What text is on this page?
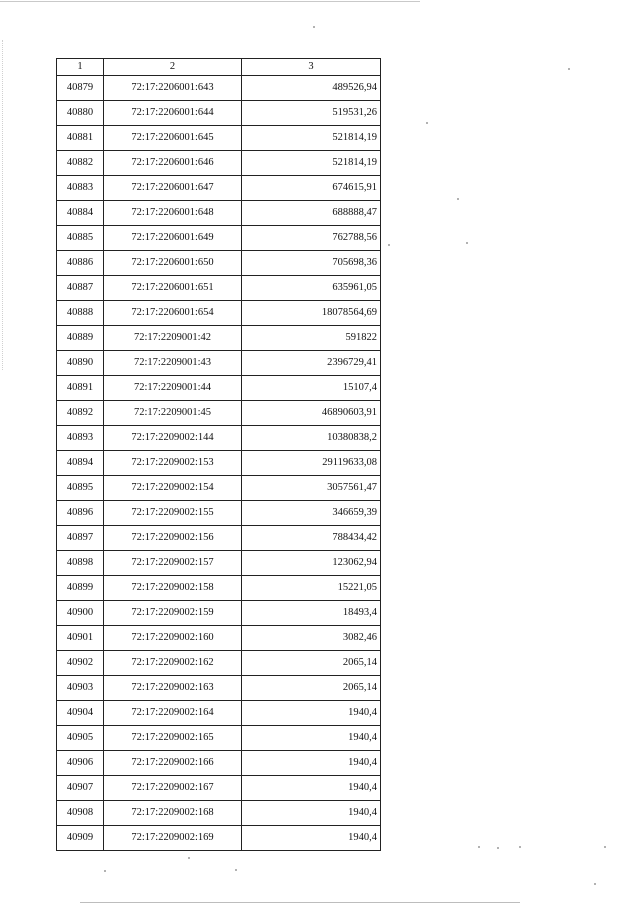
1	2	3
40879	72:17:2206001:643	489526,94
40880	72:17:2206001:644	519531,26
40881	72:17:2206001:645	521814,19
40882	72:17:2206001:646	521814,19
40883	72:17:2206001:647	674615,91
40884	72:17:2206001:648	688888,47
40885	72:17:2206001:649	762788,56
40886	72:17:2206001:650	705698,36
40887	72:17:2206001:651	635961,05
40888	72:17:2206001:654	18078564,69
40889	72:17:2209001:42	591822
40890	72:17:2209001:43	2396729,41
40891	72:17:2209001:44	15107,4
40892	72:17:2209001:45	46890603,91
40893	72:17:2209002:144	10380838,2
40894	72:17:2209002:153	29119633,08
40895	72:17:2209002:154	3057561,47
40896	72:17:2209002:155	346659,39
40897	72:17:2209002:156	788434,42
40898	72:17:2209002:157	123062,94
40899	72:17:2209002:158	15221,05
40900	72:17:2209002:159	18493,4
40901	72:17:2209002:160	3082,46
40902	72:17:2209002:162	2065,14
40903	72:17:2209002:163	2065,14
40904	72:17:2209002:164	1940,4
40905	72:17:2209002:165	1940,4
40906	72:17:2209002:166	1940,4
40907	72:17:2209002:167	1940,4
40908	72:17:2209002:168	1940,4
40909	72:17:2209002:169	1940,4
